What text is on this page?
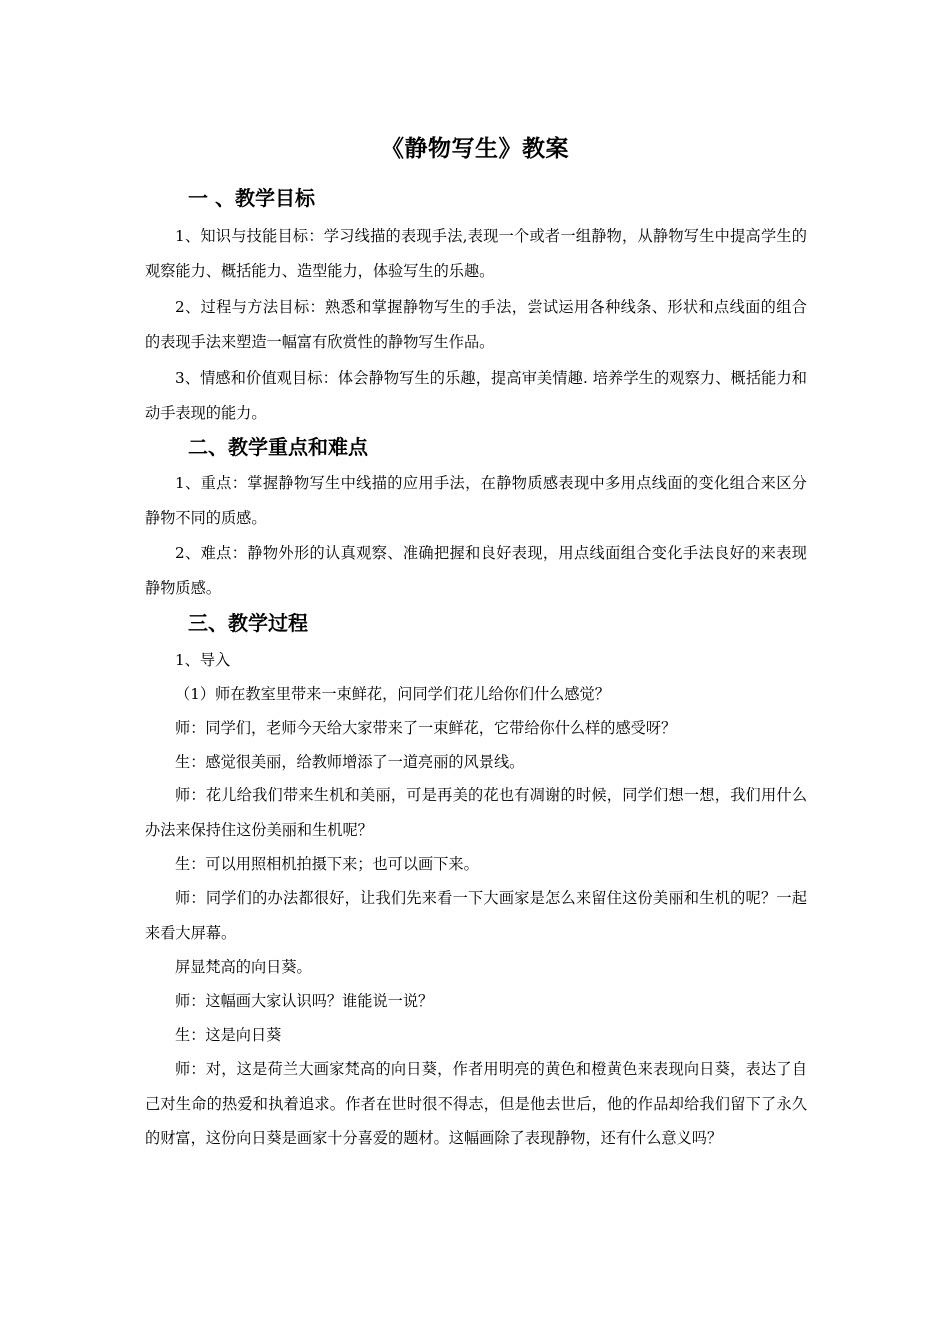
《静物写生》教案
一 、教学目标
1、知识与技能目标：学习线描的表现手法,表现一个或者一组静物，从静物写生中提高学生的观察能力、概括能力、造型能力，体验写生的乐趣。
2、过程与方法目标：熟悉和掌握静物写生的手法，尝试运用各种线条、形状和点线面的组合的表现手法来塑造一幅富有欣赏性的静物写生作品。
3、情感和价值观目标：体会静物写生的乐趣，提高审美情趣. 培养学生的观察力、概括能力和动手表现的能力。
二、教学重点和难点
1、重点：掌握静物写生中线描的应用手法，在静物质感表现中多用点线面的变化组合来区分静物不同的质感。
2、难点：静物外形的认真观察、准确把握和良好表现，用点线面组合变化手法良好的来表现静物质感。
三、教学过程
1、导入
（1）师在教室里带来一束鲜花，问同学们花儿给你们什么感觉？
师：同学们，老师今天给大家带来了一束鲜花，它带给你什么样的感受呀？
生：感觉很美丽，给教师增添了一道亮丽的风景线。
师：花儿给我们带来生机和美丽，可是再美的花也有凋谢的时候，同学们想一想，我们用什么办法来保持住这份美丽和生机呢？
生：可以用照相机拍摄下来；也可以画下来。
师：同学们的办法都很好，让我们先来看一下大画家是怎么来留住这份美丽和生机的呢？一起来看大屏幕。
屏显梵高的向日葵。
师：这幅画大家认识吗？谁能说一说？
生：这是向日葵
师：对，这是荷兰大画家梵高的向日葵，作者用明亮的黄色和橙黄色来表现向日葵，表达了自己对生命的热爱和执着追求。作者在世时很不得志，但是他去世后，他的作品却给我们留下了永久的财富，这份向日葵是画家十分喜爱的题材。这幅画除了表现静物，还有什么意义吗？
